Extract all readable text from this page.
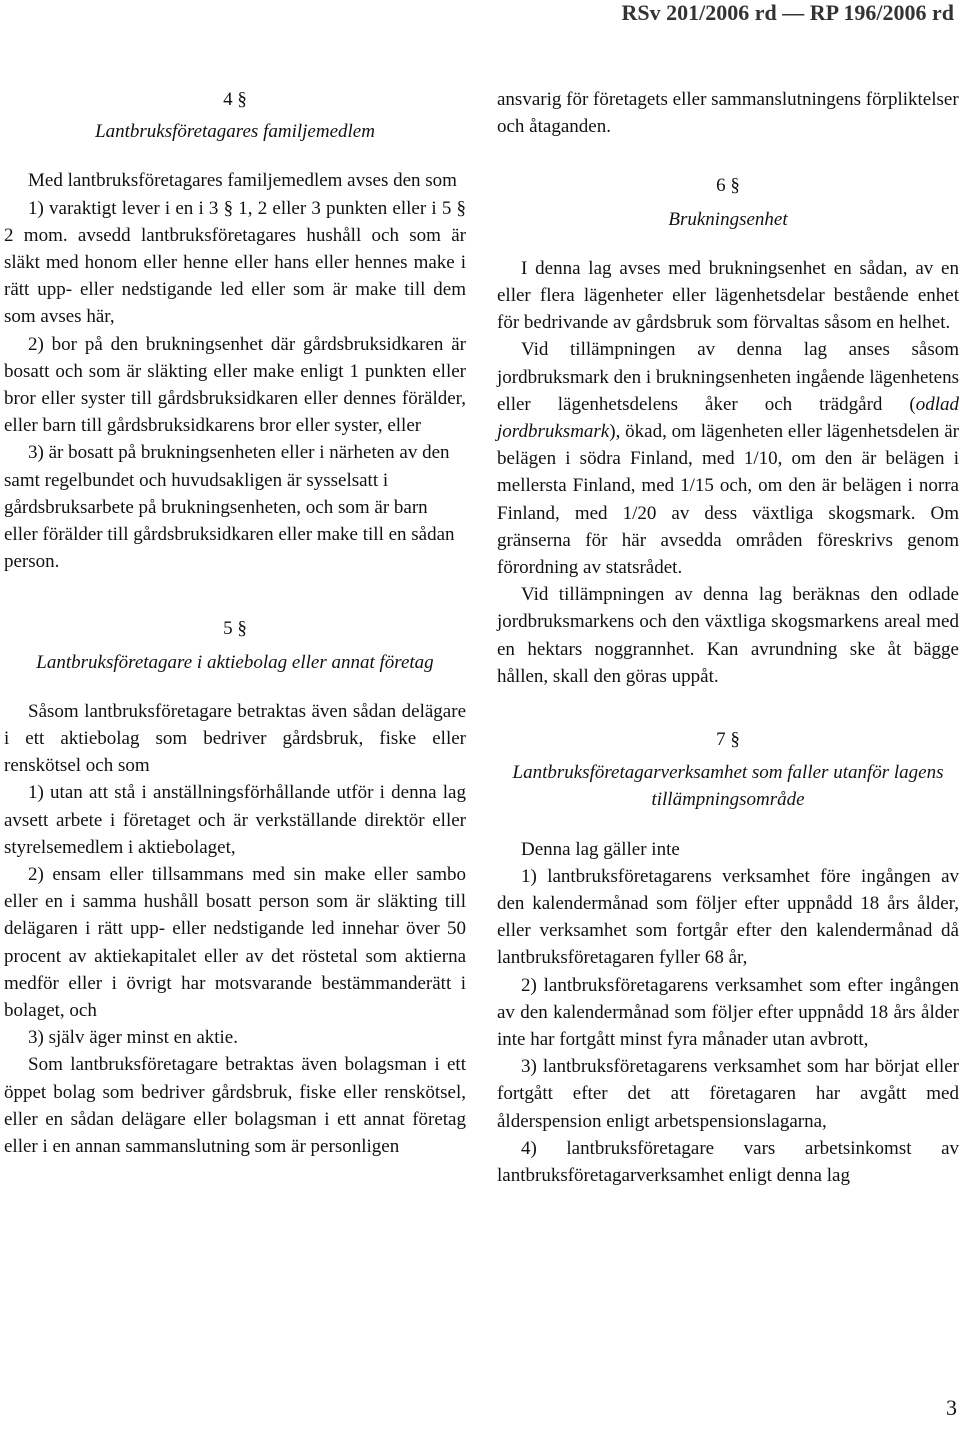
RSv 201/2006 rd — RP 196/2006 rd
4 §
Lantbruksföretagares familjemedlem

Med lantbruksföretagares familjemedlem avses den som

1) varaktigt lever i en i 3 § 1, 2 eller 3 punkten eller i 5 § 2 mom. avsedd lantbruksföretagares hushåll och som är släkt med honom eller henne eller hans eller hennes make i rätt upp- eller nedstigande led eller som är make till dem som avses här,

2) bor på den brukningsenhet där gårdsbruksidkaren är bosatt och som är släkting eller make enligt 1 punkten eller bror eller syster till gårdsbruksidkaren eller dennes förälder, eller barn till gårdsbruksidkarens bror eller syster, eller

3) är bosatt på brukningsenheten eller i närheten av den samt regelbundet och huvudsakligen är sysselsatt i gårdsbruksarbete på brukningsenheten, och som är barn eller förälder till gårdsbruksidkaren eller make till en sådan person.

5 §
Lantbruksföretagare i aktiebolag eller annat företag

Såsom lantbruksföretagare betraktas även sådan delägare i ett aktiebolag som bedriver gårdsbruk, fiske eller renskötsel och som

1) utan att stå i anställningsförhållande utför i denna lag avsett arbete i företaget och är verkställande direktör eller styrelsemedlem i aktiebolaget,

2) ensam eller tillsammans med sin make eller sambo eller en i samma hushåll bosatt person som är släkting till delägaren i rätt upp- eller nedstigande led innehar över 50 procent av aktiekapitalet eller av det röstetal som aktierna medför eller i övrigt har motsvarande bestämmanderätt i bolaget, och

3) själv äger minst en aktie.

Som lantbruksföretagare betraktas även bolagsman i ett öppet bolag som bedriver gårdsbruk, fiske eller renskötsel, eller en sådan delägare eller bolagsman i ett annat företag eller i en annan sammanslutning som är personligen

ansvarig för företagets eller sammanslutningens förpliktelser och åtaganden.

6 §
Brukningsenhet

I denna lag avses med brukningsenhet en sådan, av en eller flera lägenheter eller lägenhetsdelar bestående enhet för bedrivande av gårdsbruk som förvaltas såsom en helhet.

Vid tillämpningen av denna lag anses såsom jordbruksmark den i brukningsenheten ingående lägenhetens eller lägenhetsdelens åker och trädgård (odlad jordbruksmark), ökad, om lägenheten eller lägenhetsdelen är belägen i södra Finland, med 1/10, om den är belägen i mellersta Finland, med 1/15 och, om den är belägen i norra Finland, med 1/20 av dess växtliga skogsmark. Om gränserna för här avsedda områden föreskrivs genom förordning av statsrådet.

Vid tillämpningen av denna lag beräknas den odlade jordbruksmarkens och den växtliga skogsmarkens areal med en hektars noggrannhet. Kan avrundning ske åt bägge hållen, skall den göras uppåt.

7 §
Lantbruksföretagarverksamhet som faller utanför lagens tillämpningsområde

Denna lag gäller inte

1) lantbruksföretagarens verksamhet före ingången av den kalendermånad som följer efter uppnådd 18 års ålder, eller verksamhet som fortgår efter den kalendermånad då lantbruksföretagaren fyller 68 år,

2) lantbruksföretagarens verksamhet som efter ingången av den kalendermånad som följer efter uppnådd 18 års ålder inte har fortgått minst fyra månader utan avbrott,

3) lantbruksföretagarens verksamhet som har börjat eller fortgått efter det att företagaren har avgått med ålderspension enligt arbetspensionslagarna,

4) lantbruksföretagare vars arbetsinkomst av lantbruksföretagarverksamhet enligt denna lag

3
